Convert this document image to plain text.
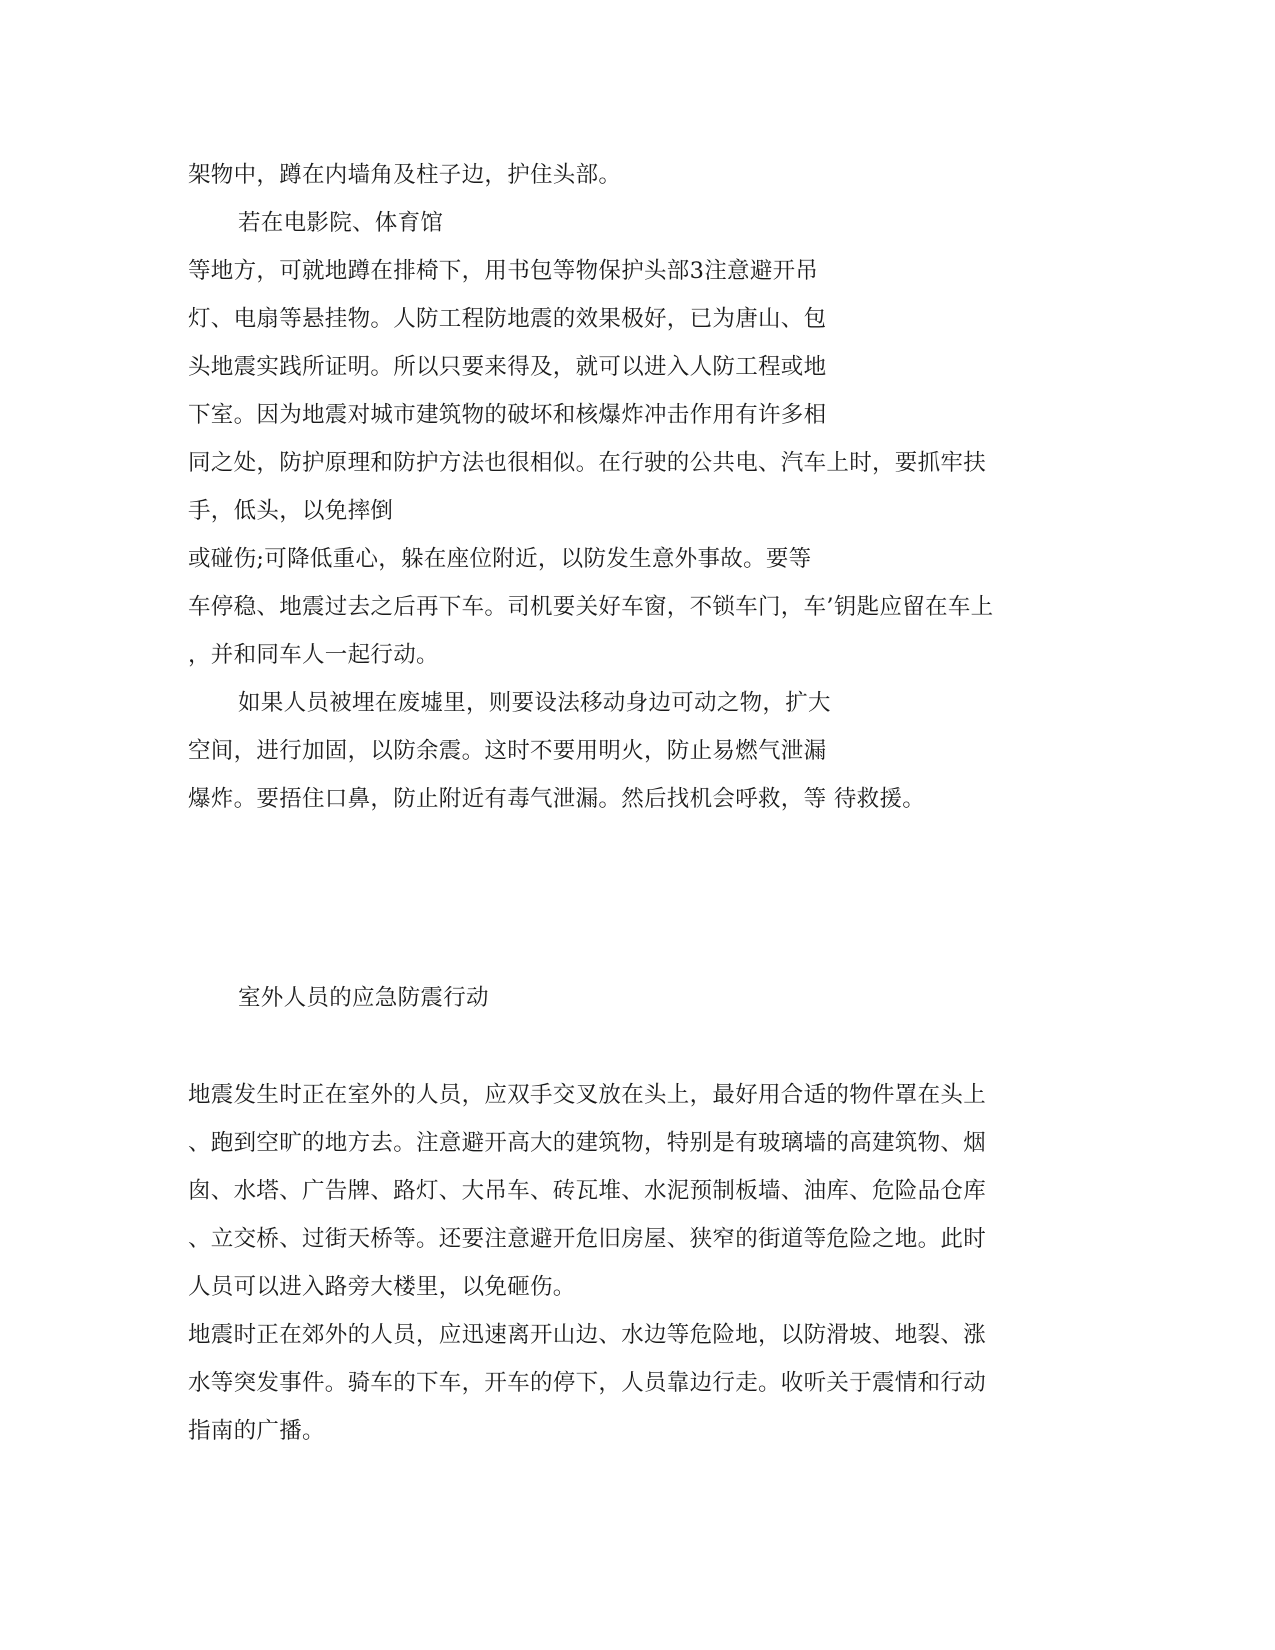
架物中，蹲在内墙角及柱子边，护住头部。
若在电影院、体育馆
等地方，可就地蹲在排椅下，用书包等物保护头部3注意避开吊
灯、电扇等悬挂物。人防工程防地震的效果极好，已为唐山、包
头地震实践所证明。所以只要来得及，就可以进入人防工程或地
下室。因为地震对城市建筑物的破坏和核爆炸冲击作用有许多相
同之处，防护原理和防护方法也很相似。在行驶的公共电、汽车上时，要抓牢扶
手，低头，以免摔倒
或碰伤;可降低重心，躲在座位附近，以防发生意外事故。要等
车停稳、地震过去之后再下车。司机要关好车窗，不锁车门，车’钥匙应留在车上
，并和同车人一起行动。
如果人员被埋在废墟里，则要设法移动身边可动之物，扩大
空间，进行加固，以防余震。这时不要用明火，防止易燃气泄漏
爆炸。要捂住口鼻，防止附近有毒气泄漏。然后找机会呼救，等 待救援。
室外人员的应急防震行动
地震发生时正在室外的人员，应双手交叉放在头上，最好用合适的物件罩在头上
、跑到空旷的地方去。注意避开高大的建筑物，特别是有玻璃墙的高建筑物、烟
囱、水塔、广告牌、路灯、大吊车、砖瓦堆、水泥预制板墙、油库、危险品仓库
、立交桥、过街天桥等。还要注意避开危旧房屋、狭窄的街道等危险之地。此时
人员可以进入路旁大楼里，以免砸伤。
地震时正在郊外的人员，应迅速离开山边、水边等危险地，以防滑坡、地裂、涨
水等突发事件。骑车的下车，开车的停下，人员靠边行走。收听关于震情和行动
指南的广播。
